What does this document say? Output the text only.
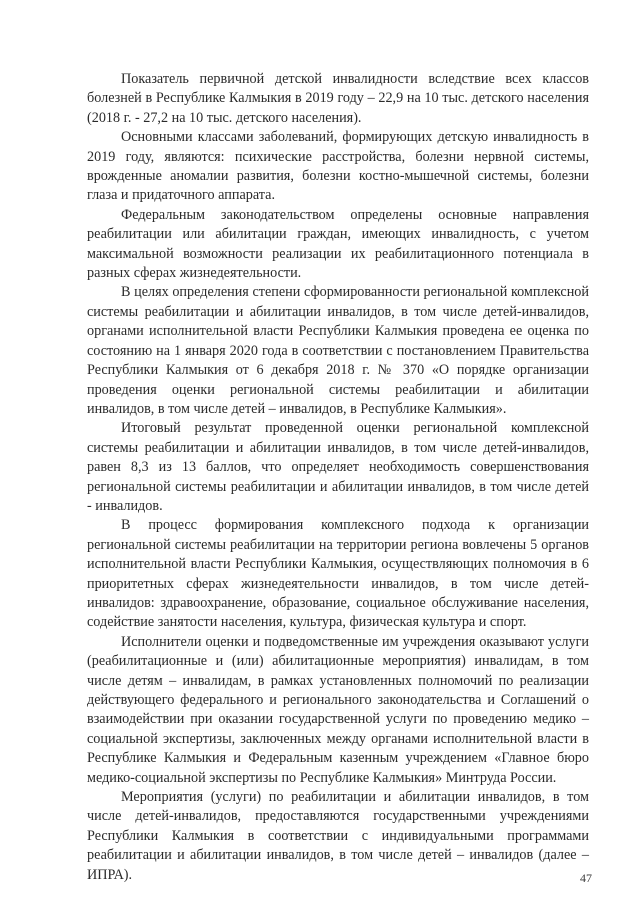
Показатель первичной детской инвалидности вследствие всех классов болезней в Республике Калмыкия в 2019 году – 22,9 на 10 тыс. детского населения (2018 г. - 27,2 на 10 тыс. детского населения).

Основными классами заболеваний, формирующих детскую инвалидность в 2019 году, являются: психические расстройства, болезни нервной системы, врожденные аномалии развития, болезни костно-мышечной системы, болезни глаза и придаточного аппарата.

Федеральным законодательством определены основные направления реабилитации или абилитации граждан, имеющих инвалидность, с учетом максимальной возможности реализации их реабилитационного потенциала в разных сферах жизнедеятельности.

В целях определения степени сформированности региональной комплексной системы реабилитации и абилитации инвалидов, в том числе детей-инвалидов, органами исполнительной власти Республики Калмыкия проведена ее оценка по состоянию на 1 января 2020 года в соответствии с постановлением Правительства Республики Калмыкия от 6 декабря 2018 г. № 370 «О порядке организации проведения оценки региональной системы реабилитации и абилитации инвалидов, в том числе детей – инвалидов, в Республике Калмыкия».

Итоговый результат проведенной оценки региональной комплексной системы реабилитации и абилитации инвалидов, в том числе детей-инвалидов, равен 8,3 из 13 баллов, что определяет необходимость совершенствования региональной системы реабилитации и абилитации инвалидов, в том числе детей - инвалидов.

В процесс формирования комплексного подхода к организации региональной системы реабилитации на территории региона вовлечены 5 органов исполнительной власти Республики Калмыкия, осуществляющих полномочия в 6 приоритетных сферах жизнедеятельности инвалидов, в том числе детей-инвалидов: здравоохранение, образование, социальное обслуживание населения, содействие занятости населения, культура, физическая культура и спорт.

Исполнители оценки и подведомственные им учреждения оказывают услуги (реабилитационные и (или) абилитационные мероприятия) инвалидам, в том числе детям – инвалидам, в рамках установленных полномочий по реализации действующего федерального и регионального законодательства и Соглашений о взаимодействии при оказании государственной услуги по проведению медико – социальной экспертизы, заключенных между органами исполнительной власти в Республике Калмыкия и Федеральным казенным учреждением «Главное бюро медико-социальной экспертизы по Республике Калмыкия» Минтруда России.

Мероприятия (услуги) по реабилитации и абилитации инвалидов, в том числе детей-инвалидов, предоставляются государственными учреждениями Республики Калмыкия в соответствии с индивидуальными программами реабилитации и абилитации инвалидов, в том числе детей – инвалидов (далее – ИПРА).	47
